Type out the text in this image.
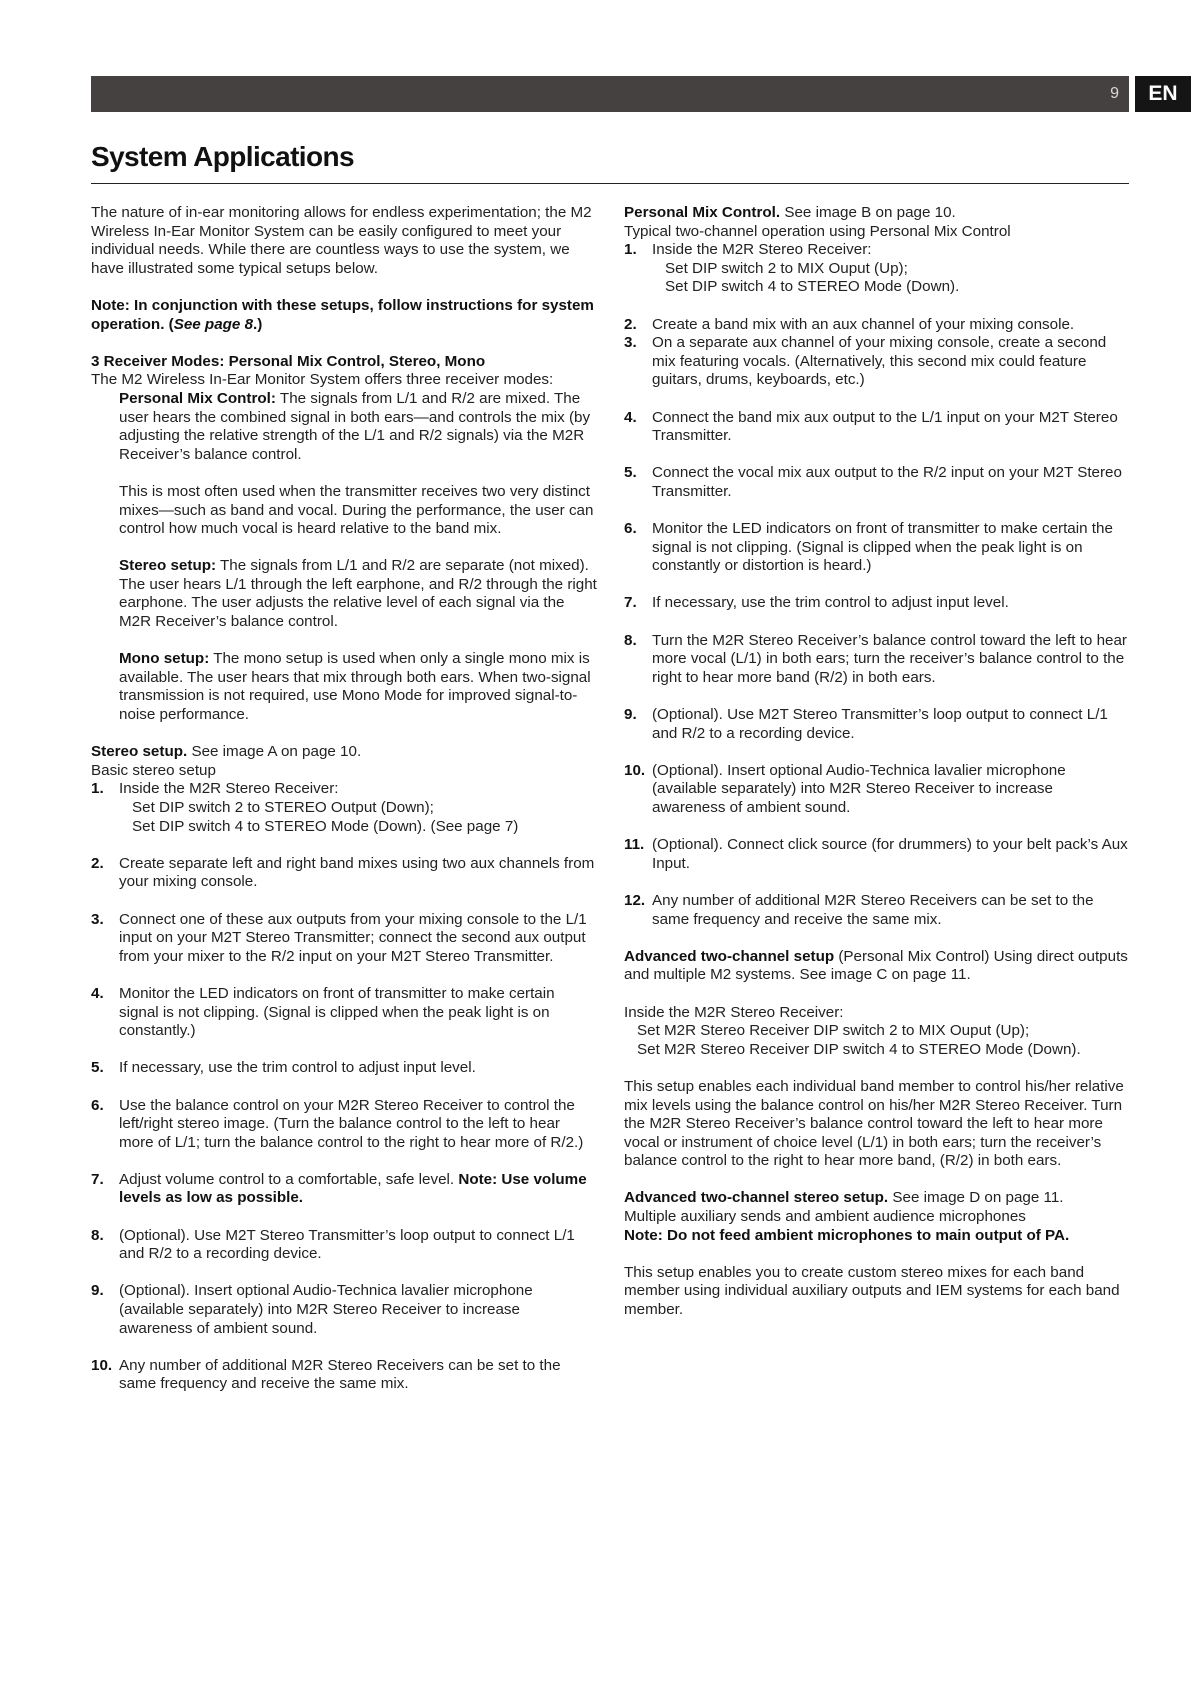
9	EN
System Applications

The nature of in-ear monitoring allows for endless experimentation; the M2 Wireless In-Ear Monitor System can be easily configured to meet your individual needs. While there are countless ways to use the system, we have illustrated some typical setups below.

Note: In conjunction with these setups, follow instructions for system operation. (See page 8.)

3 Receiver Modes: Personal Mix Control, Stereo, Mono

The M2 Wireless In-Ear Monitor System offers three receiver modes:

Personal Mix Control: The signals from L/1 and R/2 are mixed. The user hears the combined signal in both ears—and controls the mix (by adjusting the relative strength of the L/1 and R/2 signals) via the M2R Receiver’s balance control.

This is most often used when the transmitter receives two very distinct mixes—such as band and vocal. During the performance, the user can control how much vocal is heard relative to the band mix.

Stereo setup: The signals from L/1 and R/2 are separate (not mixed). The user hears L/1 through the left earphone, and R/2 through the right earphone. The user adjusts the relative level of each signal via the M2R Receiver’s balance control.

Mono setup: The mono setup is used when only a single mono mix is available. The user hears that mix through both ears. When two-signal transmission is not required, use Mono Mode for improved signal-to-noise performance.

Stereo setup. See image A on page 10.

Basic stereo setup

1.	Inside the M2R Stereo Receiver:

Set DIP switch 2 to STEREO Output (Down);

Set DIP switch 4 to STEREO Mode (Down). (See page 7)

2.	Create separate left and right band mixes using two aux channels from your mixing console.

3.	Connect one of these aux outputs from your mixing console to the L/1 input on your M2T Stereo Transmitter; connect the second aux output from your mixer to the R/2 input on your M2T Stereo Transmitter.

4.	Monitor the LED indicators on front of transmitter to make certain signal is not clipping. (Signal is clipped when the peak light is on constantly.)

5.	If necessary, use the trim control to adjust input level.

6.	Use the balance control on your M2R Stereo Receiver to control the left/right stereo image. (Turn the balance control to the left to hear more of L/1; turn the balance control to the right to hear more of R/2.)

7.	Adjust volume control to a comfortable, safe level. Note: Use volume levels as low as possible.

8.	(Optional). Use M2T Stereo Transmitter’s loop output to connect L/1 and R/2 to a recording device.

9.	(Optional). Insert optional Audio-Technica lavalier microphone (available separately) into M2R Stereo Receiver to increase awareness of ambient sound.

10. Any number of additional M2R Stereo Receivers can be set to the same frequency and receive the same mix.

Personal Mix Control. See image B on page 10.

Typical two-channel operation using Personal Mix Control

1.	Inside the M2R Stereo Receiver:

Set DIP switch 2 to MIX Ouput (Up);

Set DIP switch 4 to STEREO Mode (Down).

2.	Create a band mix with an aux channel of your mixing console.

3.	On a separate aux channel of your mixing console, create a second mix featuring vocals. (Alternatively, this second mix could feature guitars, drums, keyboards, etc.)

4.	Connect the band mix aux output to the L/1 input on your M2T Stereo Transmitter.

5.	Connect the vocal mix aux output to the R/2 input on your M2T Stereo Transmitter.

6.	Monitor the LED indicators on front of transmitter to make certain the signal is not clipping. (Signal is clipped when the peak light is on constantly or distortion is heard.)

7.	If necessary, use the trim control to adjust input level.

8.	Turn the M2R Stereo Receiver’s balance control toward the left to hear more vocal (L/1) in both ears; turn the receiver’s balance control to the right to hear more band (R/2) in both ears.

9.	(Optional). Use M2T Stereo Transmitter’s loop output to connect L/1 and R/2 to a recording device.

10. (Optional). Insert optional Audio-Technica lavalier microphone (available separately) into M2R Stereo Receiver to increase awareness of ambient sound.

11. (Optional). Connect click source (for drummers) to your belt pack’s Aux Input.

12. Any number of additional M2R Stereo Receivers can be set to the same frequency and receive the same mix.

Advanced two-channel setup (Personal Mix Control) Using direct outputs and multiple M2 systems. See image C on page 11.

Inside the M2R Stereo Receiver:

Set M2R Stereo Receiver DIP switch 2 to MIX Ouput (Up);

Set M2R Stereo Receiver DIP switch 4 to STEREO Mode (Down).

This setup enables each individual band member to control his/her relative mix levels using the balance control on his/her M2R Stereo Receiver. Turn the M2R Stereo Receiver’s balance control toward the left to hear more vocal or instrument of choice level (L/1) in both ears; turn the receiver’s balance control to the right to hear more band, (R/2) in both ears.

Advanced two-channel stereo setup. See image D on page 11.

Multiple auxiliary sends and ambient audience microphones

Note: Do not feed ambient microphones to main output of PA.

This setup enables you to create custom stereo mixes for each band member using individual auxiliary outputs and IEM systems for each band member.
